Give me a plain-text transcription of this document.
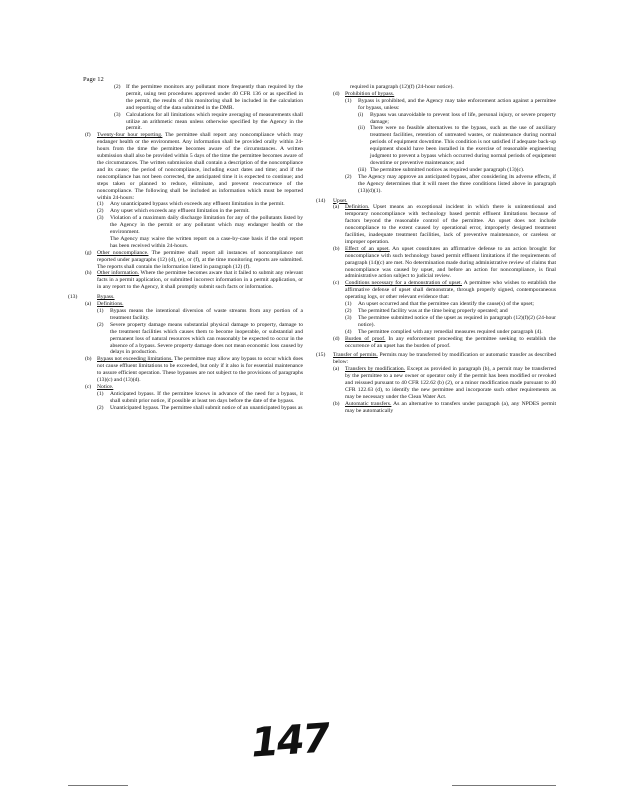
Page 12
(2) If the permittee monitors any pollutant more frequently than required by the permit, using test procedures approved under 40 CFR 136 or as specified in the permit, the results of this monitoring shall be included in the calculation and reporting of the data submitted in the DMR.
(3) Calculations for all limitations which require averaging of measurements shall utilize an arithmetic mean unless otherwise specified by the Agency in the permit.
(f) Twenty-four hour reporting. The permittee shall report any noncompliance which may endanger health or the environment. Any information shall be provided orally within 24-hours from the time the permittee becomes aware of the circumstances. A written submission shall also be provided within 5 days of the time the permittee becomes aware of the circumstances. The written submission shall contain a description of the noncompliance and its cause; the period of noncompliance, including exact dates and time; and if the noncompliance has not been corrected, the anticipated time it is expected to continue; and steps taken or planned to reduce, eliminate, and prevent reoccurrence of the noncompliance. The following shall be included as information which must be reported within 24-hours:
(1) Any unanticipated bypass which exceeds any effluent limitation in the permit.
(2) Any upset which exceeds any effluent limitation in the permit.
(3) Violation of a maximum daily discharge limitation for any of the pollutants listed by the Agency in the permit or any pollutant which may endanger health or the environment.
The Agency may waive the written report on a case-by-case basis if the oral report has been received within 24-hours.
(g) Other noncompliance. The permittee shall report all instances of noncompliance not reported under paragraphs (12) (d), (e), or (f), at the time monitoring reports are submitted. The reports shall contain the information listed in paragraph (12) (f).
(h) Other information. Where the permittee becomes aware that it failed to submit any relevant facts in a permit application, or submitted incorrect information in a permit application, or in any report to the Agency, it shall promptly submit such facts or information.
(13)	Bypass.
(a) Definitions.
(1) Bypass means the intentional diversion of waste streams from any portion of a treatment facility.
(2) Severe property damage means substantial physical damage to property, damage to the treatment facilities which causes them to become inoperable, or substantial and permanent loss of natural resources which can reasonably be expected to occur in the absence of a bypass. Severe property damage does not mean economic loss caused by delays in production.
(b) Bypass not exceeding limitations. The permittee may allow any bypass to occur which does not cause effluent limitations to be exceeded, but only if it also is for essential maintenance to assure efficient operation. These bypasses are not subject to the provisions of paragraphs (13)(c) and (13)(d).
(c) Notice.
(1) Anticipated bypass. If the permittee knows in advance of the need for a bypass, it shall submit prior notice, if possible at least ten days before the date of the bypass.
(2) Unanticipated bypass. The permittee shall submit notice of an unanticipated bypass as
required in paragraph (12)(f) (24-hour notice).
(d) Prohibition of bypass.
(1) Bypass is prohibited, and the Agency may take enforcement action against a permittee for bypass, unless:
(i) Bypass was unavoidable to prevent loss of life, personal injury, or severe property damage;
(ii) There were no feasible alternatives to the bypass, such as the use of auxiliary treatment facilities, retention of untreated wastes, or maintenance during normal periods of equipment downtime. This condition is not satisfied if adequate back-up equipment should have been installed in the exercise of reasonable engineering judgment to prevent a bypass which occurred during normal periods of equipment downtime or preventive maintenance; and
(iii) The permittee submitted notices as required under paragraph (13)(c).
(2) The Agency may approve an anticipated bypass, after considering its adverse effects, if the Agency determines that it will meet the three conditions listed above in paragraph (13)(d)(1).
(14) Upset.
(a) Definition. Upset means an exceptional incident in which there is unintentional and temporary noncompliance with technology based permit effluent limitations because of factors beyond the reasonable control of the permittee. An upset does not include noncompliance to the extent caused by operational error, improperly designed treatment facilities, inadequate treatment facilities, lack of preventive maintenance, or careless or improper operation.
(b) Effect of an upset. An upset constitutes an affirmative defense to an action brought for noncompliance with such technology based permit effluent limitations if the requirements of paragraph (14)(c) are met. No determination made during administrative review of claims that noncompliance was caused by upset, and before an action for noncompliance, is final administrative action subject to judicial review.
(c) Conditions necessary for a demonstration of upset. A permittee who wishes to establish the affirmative defense of upset shall demonstrate, through properly signed, contemporaneous operating logs, or other relevant evidence that:
(1) An upset occurred and that the permittee can identify the cause(s) of the upset;
(2) The permitted facility was at the time being properly operated; and
(3) The permittee submitted notice of the upset as required in paragraph (12)(f)(2) (24-hour notice).
(4) The permittee complied with any remedial measures required under paragraph (4).
(d) Burden of proof. In any enforcement proceeding the permittee seeking to establish the occurrence of an upset has the burden of proof.
(15) Transfer of permits. Permits may be transferred by modification or automatic transfer as described below:
(a) Transfers by modification. Except as provided in paragraph (b), a permit may be transferred by the permittee to a new owner or operator only if the permit has been modified or revoked and reissued pursuant to 40 CFR 122.62 (b) (2), or a minor modification made pursuant to 40 CFR 122.63 (d), to identify the new permittee and incorporate such other requirements as may be necessary under the Clean Water Act.
(b) Automatic transfers. As an alternative to transfers under paragraph (a), any NPDES permit may be automatically
147
